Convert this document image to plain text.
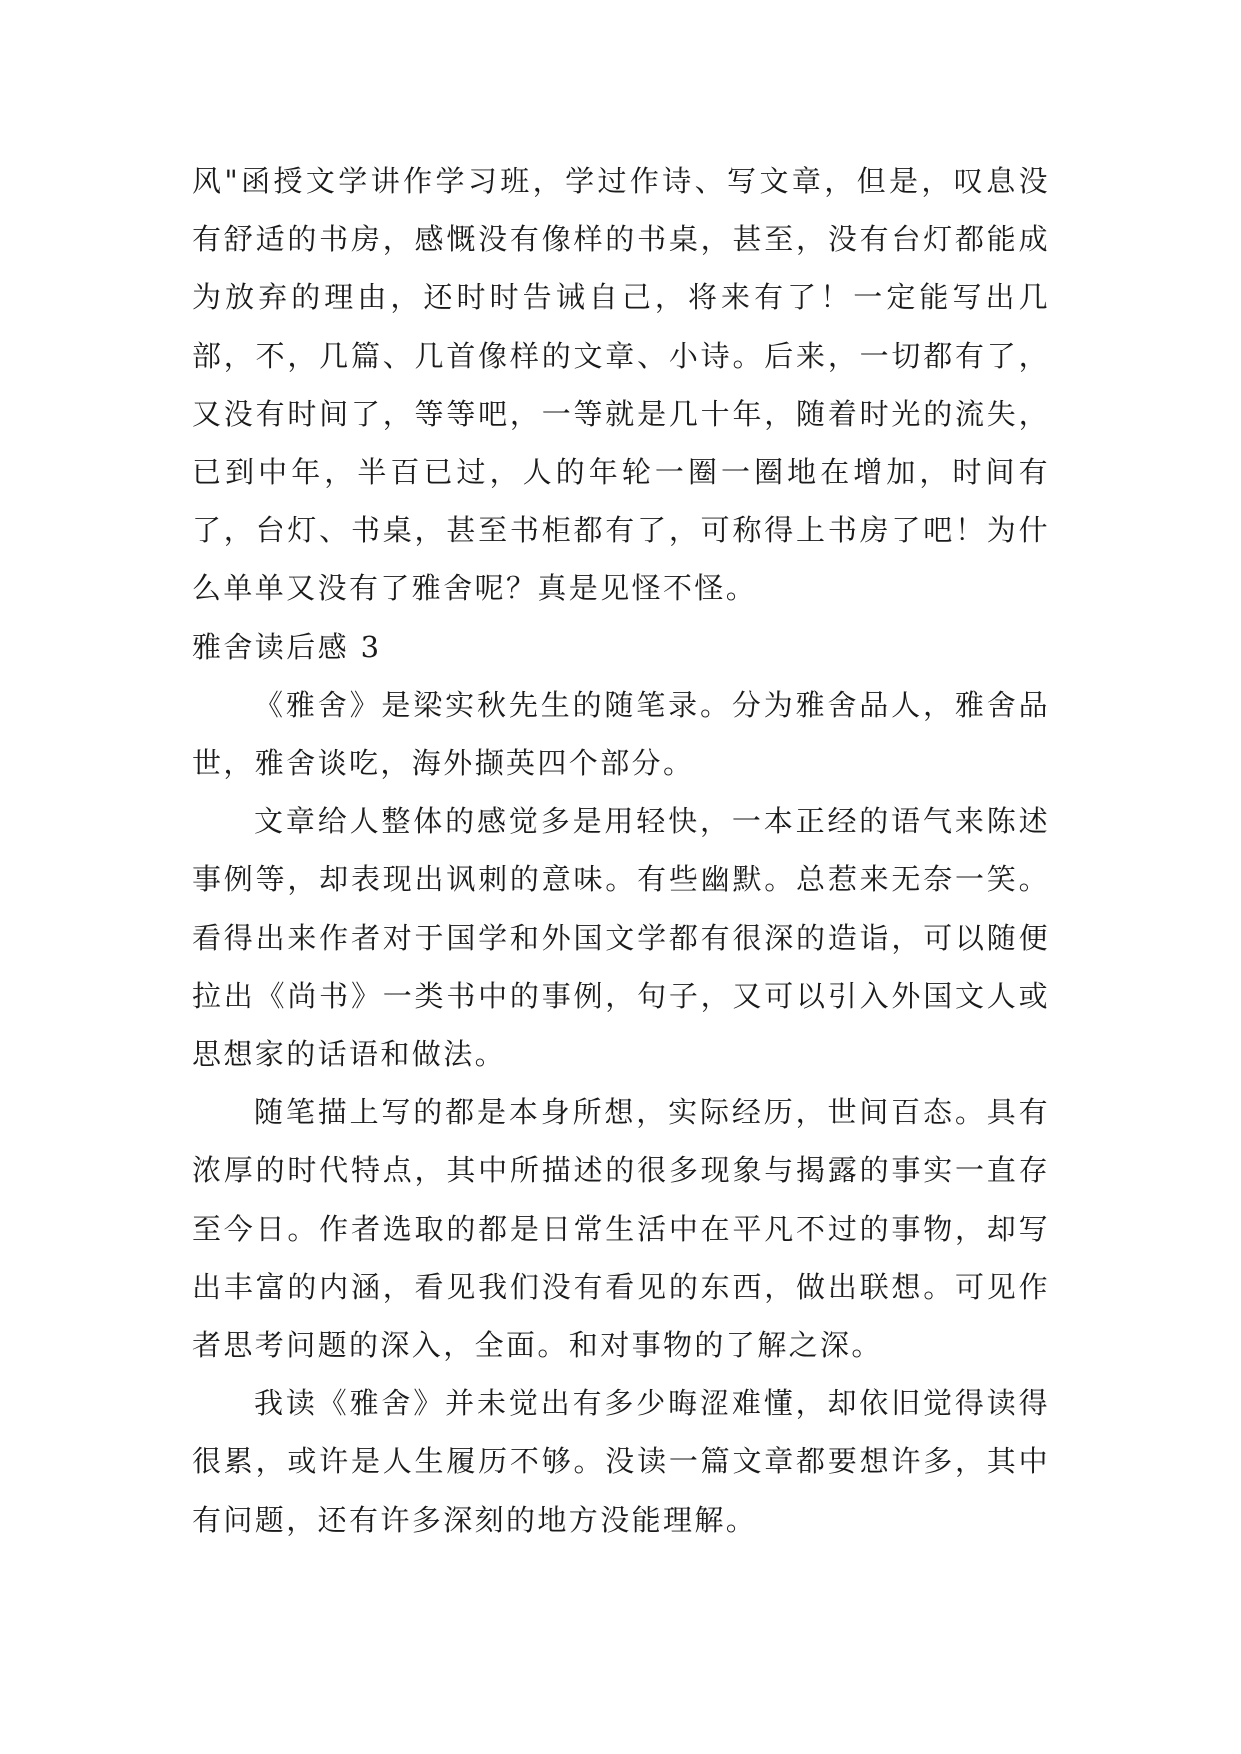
风"函授文学讲作学习班，学过作诗、写文章，但是，叹息没有舒适的书房，感慨没有像样的书桌，甚至，没有台灯都能成为放弃的理由，还时时告诫自己，将来有了！一定能写出几部，不，几篇、几首像样的文章、小诗。后来，一切都有了，又没有时间了，等等吧，一等就是几十年，随着时光的流失，已到中年，半百已过，人的年轮一圈一圈地在增加，时间有了，台灯、书桌，甚至书柜都有了，可称得上书房了吧！为什么单单又没有了雅舍呢？真是见怪不怪。

雅舍读后感 3

《雅舍》是梁实秋先生的随笔录。分为雅舍品人，雅舍品世，雅舍谈吃，海外撷英四个部分。

文章给人整体的感觉多是用轻快，一本正经的语气来陈述事例等，却表现出讽刺的意味。有些幽默。总惹来无奈一笑。看得出来作者对于国学和外国文学都有很深的造诣，可以随便拉出《尚书》一类书中的事例，句子，又可以引入外国文人或思想家的话语和做法。

随笔描上写的都是本身所想，实际经历，世间百态。具有浓厚的时代特点，其中所描述的很多现象与揭露的事实一直存至今日。作者选取的都是日常生活中在平凡不过的事物，却写出丰富的内涵，看见我们没有看见的东西，做出联想。可见作者思考问题的深入，全面。和对事物的了解之深。

我读《雅舍》并未觉出有多少晦涩难懂，却依旧觉得读得很累，或许是人生履历不够。没读一篇文章都要想许多，其中有问题，还有许多深刻的地方没能理解。
